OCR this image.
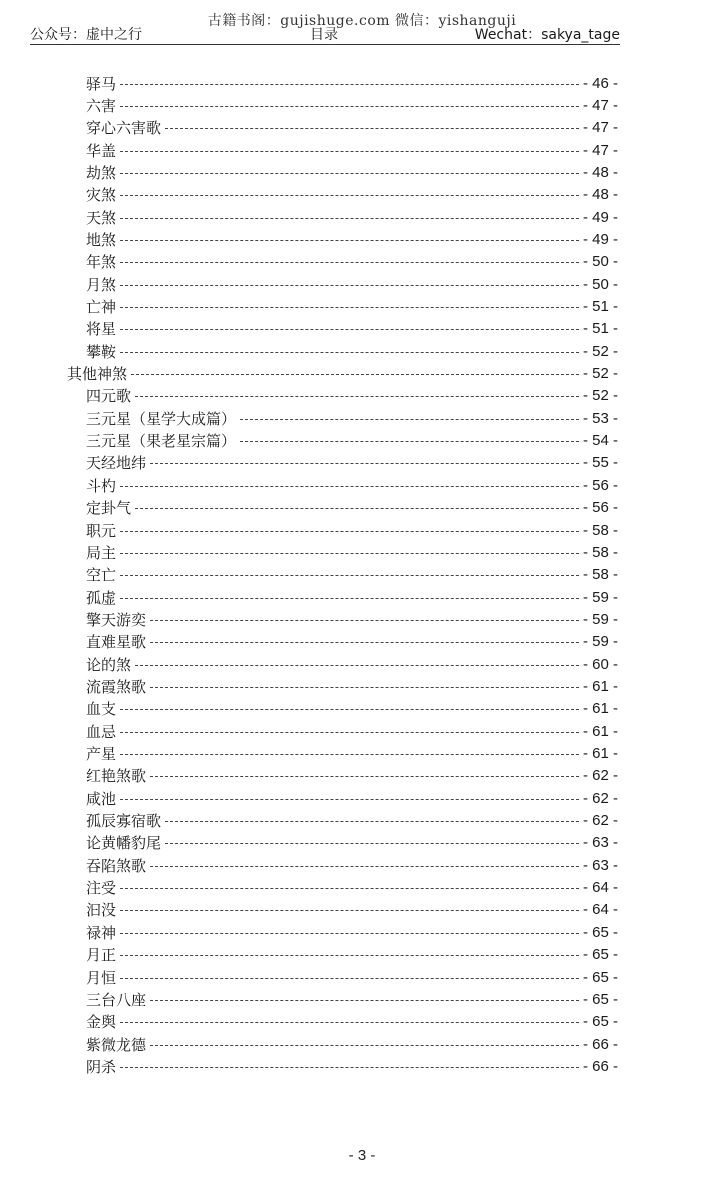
古籍书阁：gujishuge.com 微信：yishanguji
公众号：虚中之行	目录	Wechat：sakya_tage
驿马	- 46 -
六害	- 47 -
穿心六害歌	- 47 -
华盖	- 47 -
劫煞	- 48 -
灾煞	- 48 -
天煞	- 49 -
地煞	- 49 -
年煞	- 50 -
月煞	- 50 -
亡神	- 51 -
将星	- 51 -
攀鞍	- 52 -
其他神煞	- 52 -
四元歌	- 52 -
三元星（星学大成篇）	- 53 -
三元星（果老星宗篇）	- 54 -
天经地纬	- 55 -
斗杓	- 56 -
定卦气	- 56 -
职元	- 58 -
局主	- 58 -
空亡	- 58 -
孤虚	- 59 -
擎天游奕	- 59 -
直难星歌	- 59 -
论的煞	- 60 -
流霞煞歌	- 61 -
血支	- 61 -
血忌	- 61 -
产星	- 61 -
红艳煞歌	- 62 -
咸池	- 62 -
孤辰寡宿歌	- 62 -
论黄幡豹尾	- 63 -
吞陷煞歌	- 63 -
注受	- 64 -
汩没	- 64 -
禄神	- 65 -
月正	- 65 -
月恒	- 65 -
三台八座	- 65 -
金舆	- 65 -
紫微龙德	- 66 -
阴杀	- 66 -
- 3 -
